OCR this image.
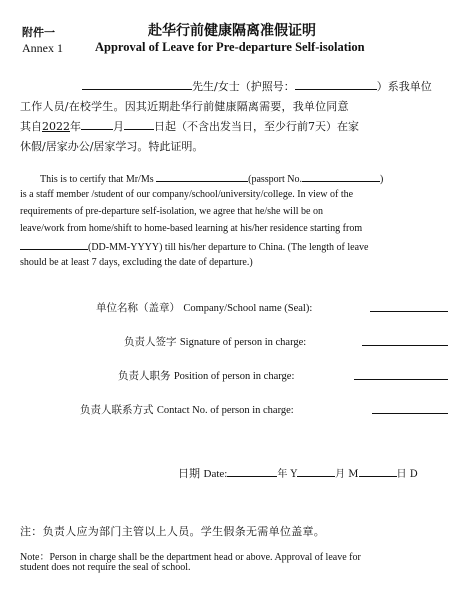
附件一	赴华行前健康隔离准假证明
Annex 1	Approval of Leave for Pre-departure Self-isolation
先生/女士（护照号：	）系我单位
工作人员/在校学生。因其近期赴华行前健康隔离需要，我单位同意
其自2022年	月	日起（不含出发当日，至少行前7天）在家
休假/居家办公/居家学习。特此证明。
This is to certify that Mr/Ms	(passport No.	)
is a staff member /student of our company/school/university/college. In view of the
requirements of pre-departure self-isolation, we agree that he/she will be on
leave/work from home/shift to home-based learning at his/her residence starting from
(DD-MM-YYYY) till his/her departure to China. (The length of leave
should be at least 7 days, excluding the date of departure.)
单位名称（盖章） Company/School name (Seal):
负责人签字 Signature of person in charge:
负责人职务 Position of person in charge:
负责人联系方式 Contact No. of person in charge:
日期 Date:	年 Y	月 M	日 D
注：负责人应为部门主管以上人员。学生假条无需单位盖章。
Note：Person in charge shall be the department head or above. Approval of leave for
student does not require the seal of school.
